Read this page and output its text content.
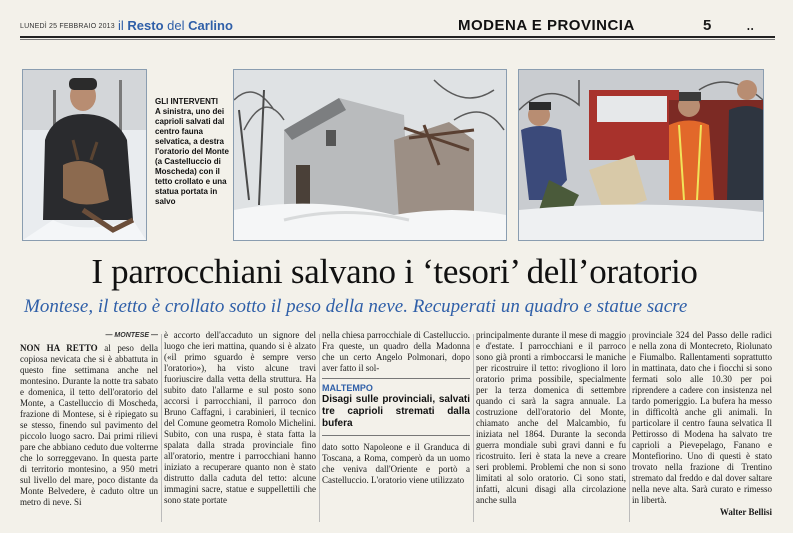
LUNEDÌ 25 FEBBRAIO 2013 il Resto del Carlino	MODENA E PROVINCIA	5	••
GLI INTERVENTI
A sinistra, uno dei caprioli salvati dal centro fauna selvatica, a destra l'oratorio del Monte (a Castelluccio di Moscheda) con il tetto crollato e una statua portata in salvo
I parrocchiani salvano i ‘tesori’ dell’oratorio
Montese, il tetto è crollato sotto il peso della neve. Recuperati un quadro e statue sacre
— MONTESE —
NON HA RETTO al peso della copiosa nevicata che si è abbattuta in questo fine settimana anche nel montesino. Durante la notte tra sabato e domenica, il tetto dell'oratorio del Monte, a Castelluccio di Moscheda, frazione di Montese, si è ripiegato su se stesso, finendo sul pavimento del piccolo luogo sacro. Dai primi rilievi pare che abbiano ceduto due volterrne che lo sorreggevano. In questa parte di territorio montesino, a 950 metri sul livello del mare, poco distante da Monte Belvedere, è caduto oltre un metro di neve. Si
è accorto dell'accaduto un signore del luogo che ieri mattina, quando si è alzato («il primo sguardo è sempre verso l'oratorio»), ha visto alcune travi fuoriuscire dalla vetta della struttura. Ha subito dato l'allarme e sul posto sono accorsi i parrocchiani, il parroco don Bruno Caffagni, i carabinieri, il tecnico del Comune geometra Romolo Michelini. Subito, con una ruspa, è stata fatta la spalata dalla strada provinciale fino all'oratorio, mentre i parrocchiani hanno iniziato a recuperare quanto non è stato distrutto dalla caduta del tetto: alcune immagini sacre, statue e suppellettili che sono state portate
nella chiesa parrocchiale di Castelluccio. Fra queste, un quadro della Madonna che un certo Angelo Polmonari, dopo aver fatto il sol-
MALTEMPO
Disagi sulle provinciali, salvati tre caprioli stremati dalla bufera
dato sotto Napoleone e il Granduca di Toscana, a Roma, comperò da un uomo che veniva dall'Oriente e portò a Castelluccio. L'oratorio viene utilizzato
principalmente durante il mese di maggio e d'estate. I parrocchiani e il parroco sono già pronti a rimboccarsi le maniche per ricostruire il tetto: rivogliono il loro oratorio prima possibile, specialmente per la terza domenica di settembre quando ci sarà la sagra annuale. La costruzione dell'oratorio del Monte, chiamato anche del Malcambio, fu iniziata nel 1864. Durante la seconda guerra mondiale subì gravi danni e fu ricostruito. Ieri è stata la neve a creare seri problemi. Problemi che non si sono limitati al solo oratorio. Ci sono stati, infatti, alcuni disagi alla circolazione anche sulla
provinciale 324 del Passo delle radici e nella zona di Montecreto, Riolunato e Fiumalbo. Rallentamenti soprattutto in mattinata, dato che i fiocchi si sono fermati solo alle 10.30 per poi riprendere a cadere con insistenza nel tardo pomeriggio. La bufera ha messo in difficoltà anche gli animali. In particolare il centro fauna selvatica Il Pettirosso di Modena ha salvato tre caprioli a Pievepelago, Fanano e Montefiorino. Uno di questi è stato trovato nella frazione di Trentino stremato dal freddo e dal dover saltare nella neve alta. Sarà curato e rimesso in libertà.
Walter Bellisi
